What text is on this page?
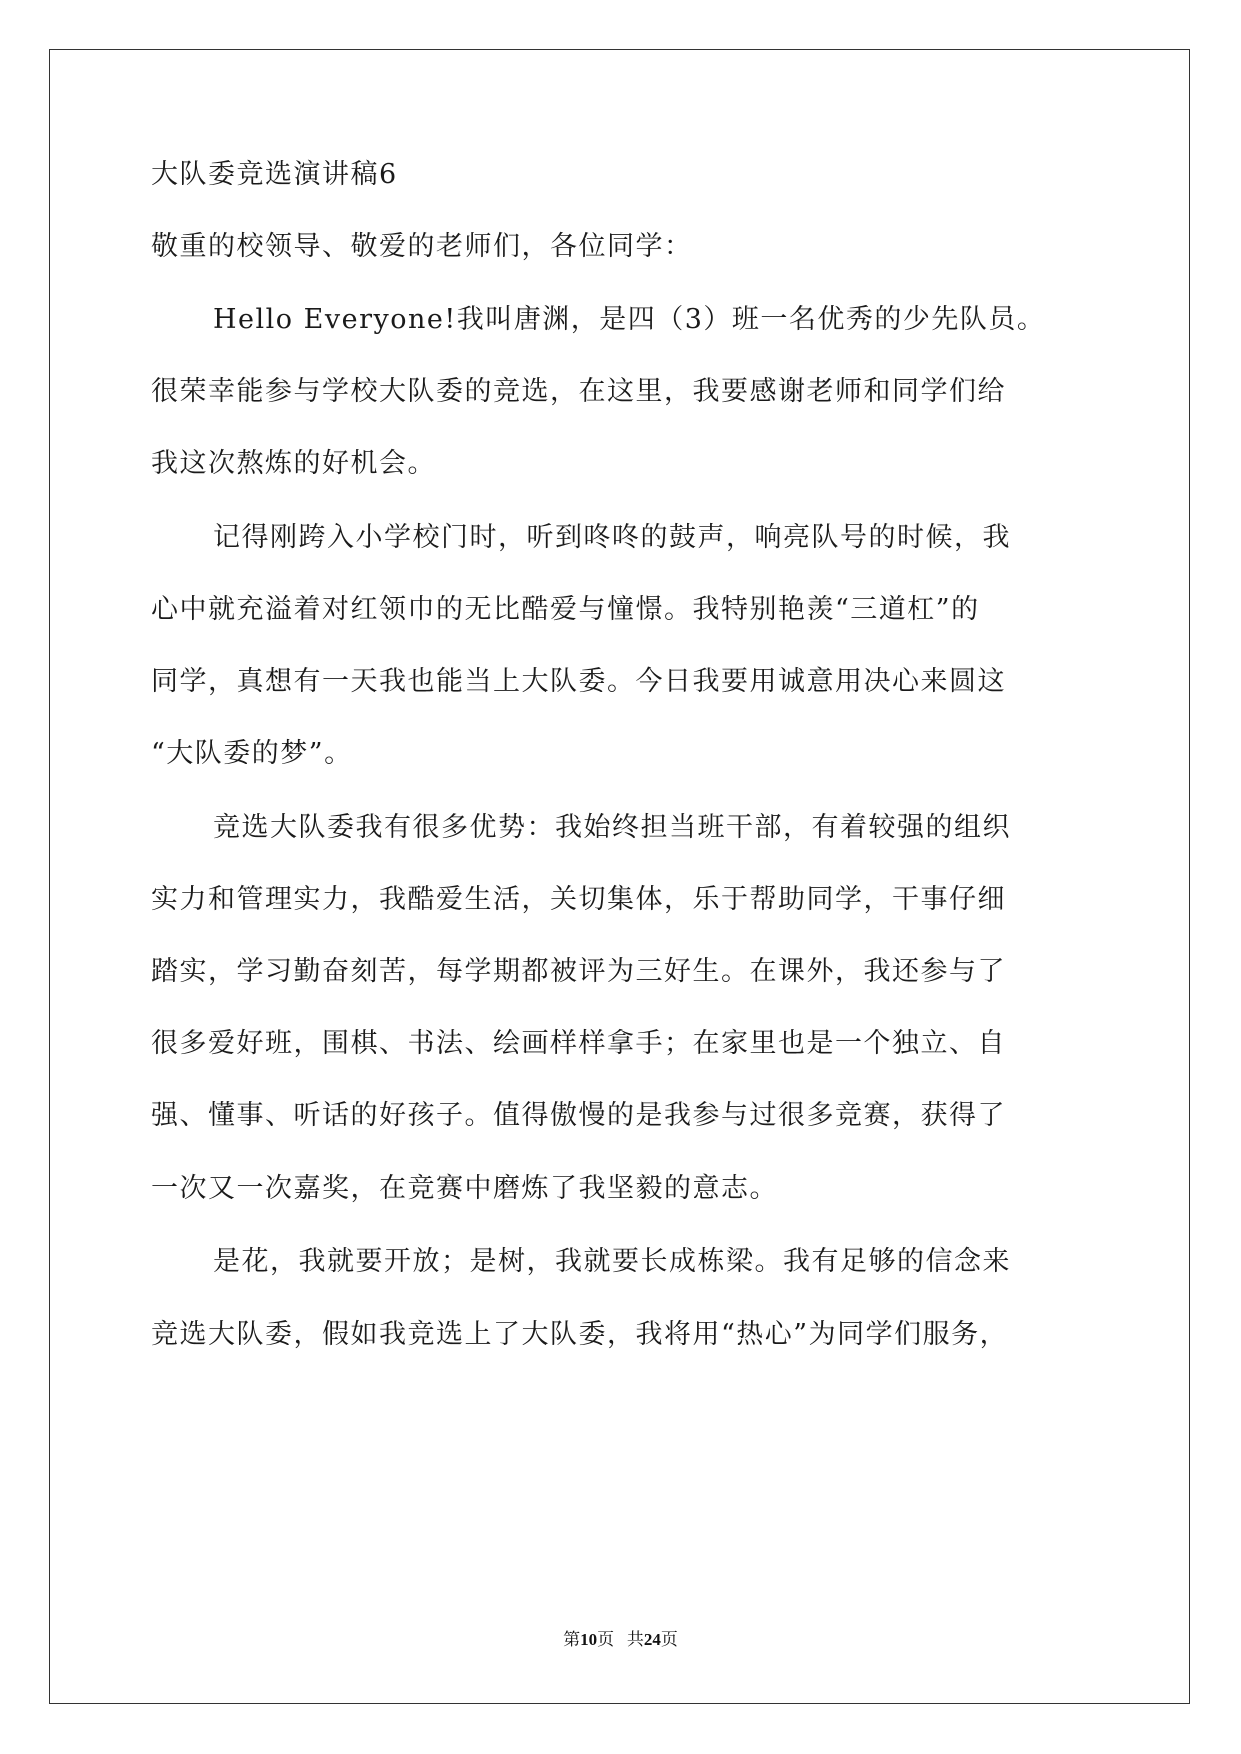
大队委竞选演讲稿6
敬重的校领导、敬爱的老师们，各位同学：
Hello Everyone!我叫唐渊，是四（3）班一名优秀的少先队员。
很荣幸能参与学校大队委的竞选，在这里，我要感谢老师和同学们给
我这次熬炼的好机会。
记得刚跨入小学校门时，听到咚咚的鼓声，响亮队号的时候，我
心中就充溢着对红领巾的无比酷爱与憧憬。我特别艳羡“三道杠”的
同学，真想有一天我也能当上大队委。今日我要用诚意用决心来圆这
“大队委的梦”。
竞选大队委我有很多优势：我始终担当班干部，有着较强的组织
实力和管理实力，我酷爱生活，关切集体，乐于帮助同学，干事仔细
踏实，学习勤奋刻苦，每学期都被评为三好生。在课外，我还参与了
很多爱好班，围棋、书法、绘画样样拿手；在家里也是一个独立、自
强、懂事、听话的好孩子。值得傲慢的是我参与过很多竞赛，获得了
一次又一次嘉奖，在竞赛中磨炼了我坚毅的意志。
是花，我就要开放；是树，我就要长成栋梁。我有足够的信念来
竞选大队委，假如我竞选上了大队委，我将用“热心”为同学们服务，
第10页 共24页
